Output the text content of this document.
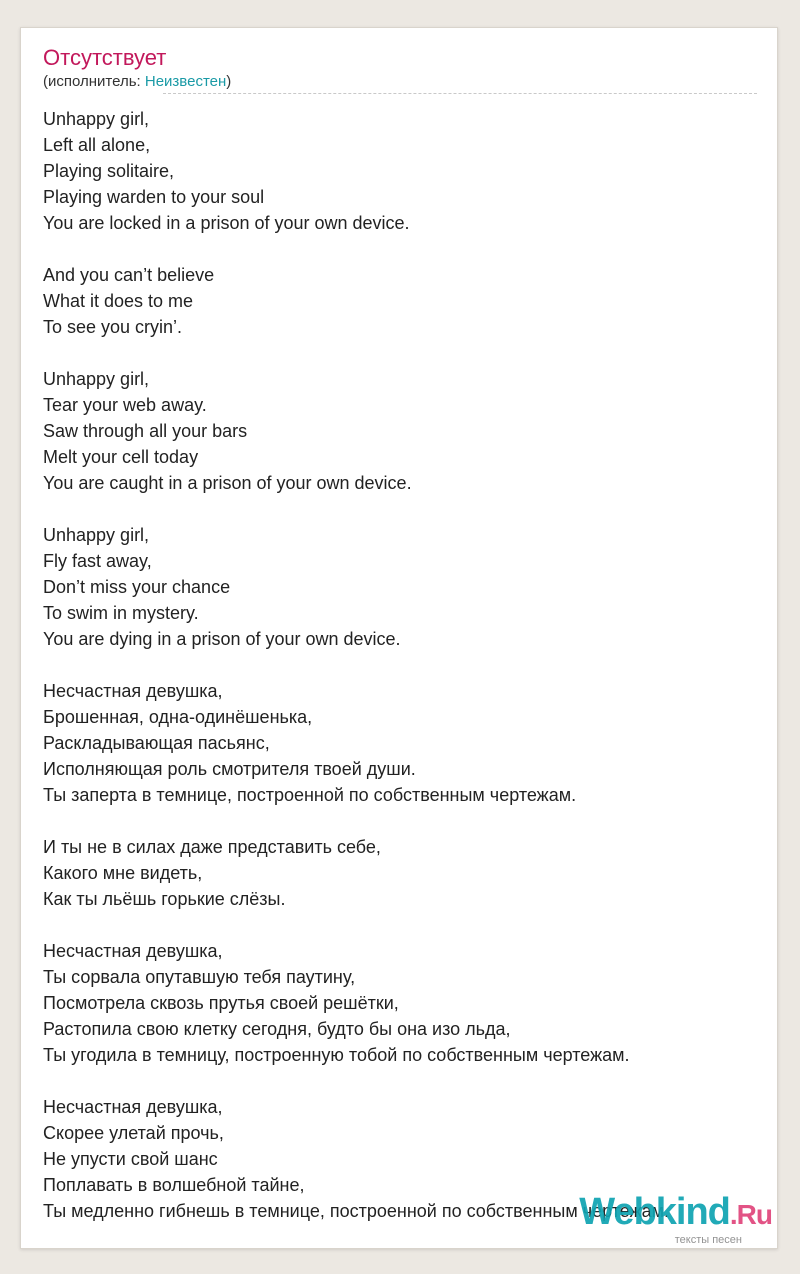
Отсутствует
(исполнитель: Неизвестен)
Unhappy girl,
Left all alone,
Playing solitaire,
Playing warden to your soul
You are locked in a prison of your own device.
And you can’t believe
What it does to me
To see you cryin’.
Unhappy girl,
Tear your web away.
Saw through all your bars
Melt your cell today
You are caught in a prison of your own device.
Unhappy girl,
Fly fast away,
Don’t miss your chance
To swim in mystery.
You are dying in a prison of your own device.
Несчастная девушка,
Брошенная, одна-одинёшенька,
Раскладывающая пасьянс,
Исполняющая роль смотрителя твоей души.
Ты заперта в темнице, построенной по собственным чертежам.
И ты не в силах даже представить себе,
Какого мне видеть,
Как ты льёшь горькие слёзы.
Несчастная девушка,
Ты сорвала опутавшую тебя паутину,
Посмотрела сквозь прутья своей решётки,
Растопила свою клетку сегодня, будто бы она изо льда,
Ты угодила в темницу, построенную тобой по собственным чертежам.
Несчастная девушка,
Скорее улетай прочь,
Не упусти свой шанс
Поплавать в волшебной тайне,
Ты медленно гибнешь в темнице, построенной по собственным чертежам.
Webkind.Ru
тексты песен
